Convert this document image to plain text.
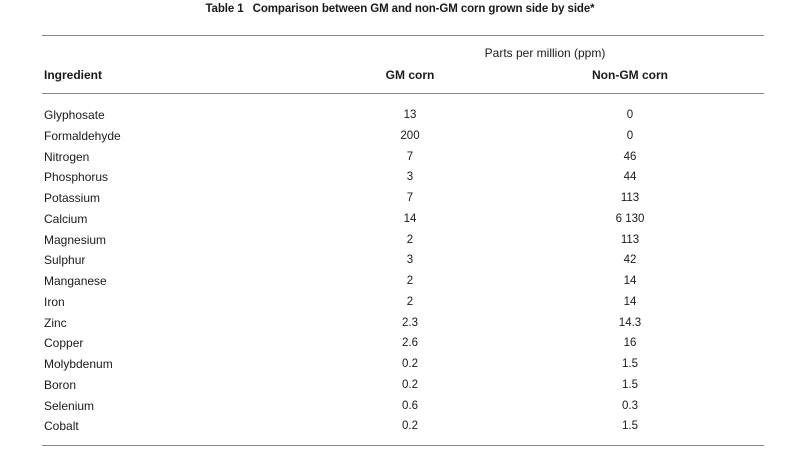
Table 1 Comparison between GM and non-GM corn grown side by side*
Parts per million (ppm)
Ingredient	GM corn	Non-GM corn
Glyphosate	13	0
Formaldehyde	200	0
Nitrogen	7	46
Phosphorus	3	44
Potassium	7	113
Calcium	14	6 130
Magnesium	2	113
Sulphur	3	42
Manganese	2	14
Iron	2	14
Zinc	2.3	14.3
Copper	2.6	16
Molybdenum	0.2	1.5
Boron	0.2	1.5
Selenium	0.6	0.3
Cobalt	0.2	1.5
